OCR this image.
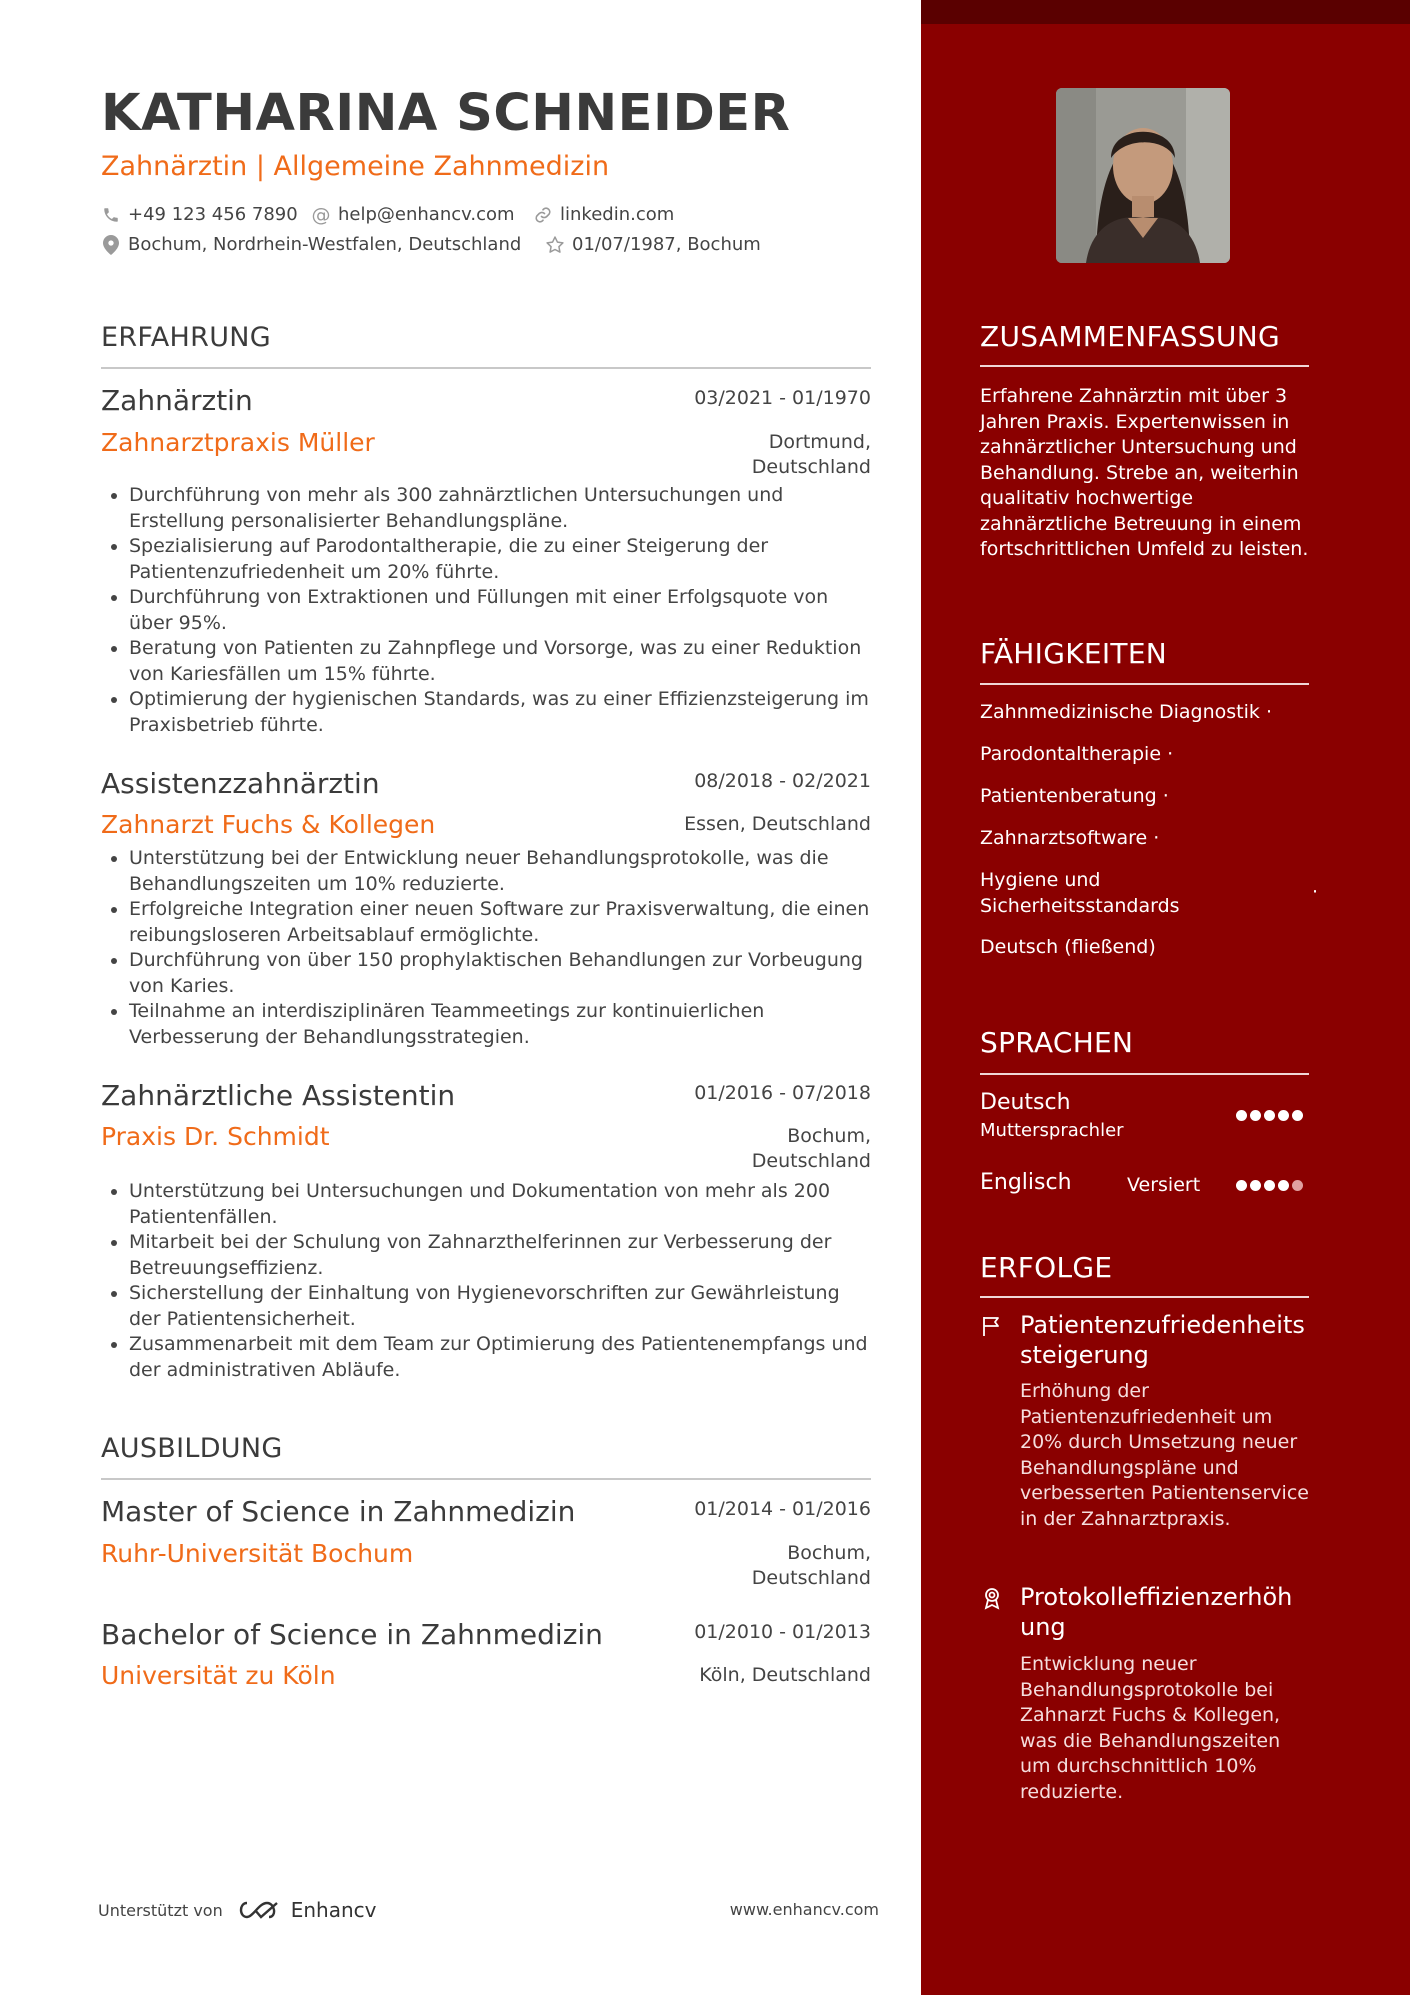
KATHARINA SCHNEIDER
Zahnärztin | Allgemeine Zahnmedizin
+49 123 456 7890 @ help@enhancv.com	linkedin.com
Bochum, Nordrhein-Westfalen, Deutschland	01/07/1987, Bochum
ERFAHRUNG
Zahnärztin	03/2021 - 01/1970
Zahnarztpraxis Müller	Dortmund,
Deutschland
• Durchführung von mehr als 300 zahnärztlichen Untersuchungen und Erstellung personalisierter Behandlungspläne.
• Spezialisierung auf Parodontaltherapie, die zu einer Steigerung der Patientenzufriedenheit um 20% führte.
• Durchführung von Extraktionen und Füllungen mit einer Erfolgsquote von über 95%.
• Beratung von Patienten zu Zahnpflege und Vorsorge, was zu einer Reduktion von Kariesfällen um 15% führte.
• Optimierung der hygienischen Standards, was zu einer Effizienzsteigerung im Praxisbetrieb führte.
Assistenzzahnärztin	08/2018 - 02/2021
Zahnarzt Fuchs & Kollegen	Essen, Deutschland
• Unterstützung bei der Entwicklung neuer Behandlungsprotokolle, was die Behandlungszeiten um 10% reduzierte.
• Erfolgreiche Integration einer neuen Software zur Praxisverwaltung, die einen reibungsloseren Arbeitsablauf ermöglichte.
• Durchführung von über 150 prophylaktischen Behandlungen zur Vorbeugung von Karies.
• Teilnahme an interdisziplinären Teammeetings zur kontinuierlichen Verbesserung der Behandlungsstrategien.
Zahnärztliche Assistentin	01/2016 - 07/2018
Praxis Dr. Schmidt	Bochum,
Deutschland
• Unterstützung bei Untersuchungen und Dokumentation von mehr als 200 Patientenfällen.
• Mitarbeit bei der Schulung von Zahnarzthelferinnen zur Verbesserung der Betreuungseffizienz.
• Sicherstellung der Einhaltung von Hygienevorschriften zur Gewährleistung der Patientensicherheit.
• Zusammenarbeit mit dem Team zur Optimierung des Patientenempfangs und der administrativen Abläufe.
AUSBILDUNG
Master of Science in Zahnmedizin	01/2014 - 01/2016
Ruhr-Universität Bochum	Bochum,
Deutschland
Bachelor of Science in Zahnmedizin	01/2010 - 01/2013
Universität zu Köln	Köln, Deutschland
ZUSAMMENFASSUNG
Erfahrene Zahnärztin mit über 3 Jahren Praxis. Expertenwissen in zahnärztlicher Untersuchung und Behandlung. Strebe an, weiterhin qualitativ hochwertige zahnärztliche Betreuung in einem fortschrittlichen Umfeld zu leisten.
FÄHIGKEITEN
Zahnmedizinische Diagnostik ·
Parodontaltherapie ·
Patientenberatung ·
Zahnarztsoftware ·
Hygiene und Sicherheitsstandards
·
Deutsch (fließend)
SPRACHEN
Deutsch
Muttersprachler
Englisch	Versiert
ERFOLGE
Patientenzufriedenheits steigerung
Erhöhung der Patientenzufriedenheit um 20% durch Umsetzung neuer Behandlungspläne und verbesserten Patientenservice in der Zahnarztpraxis.
Protokolleffizienzerhöh ung
Entwicklung neuer Behandlungsprotokolle bei Zahnarzt Fuchs & Kollegen, was die Behandlungszeiten um durchschnittlich 10% reduzierte.
Unterstützt von	Enhancv	www.enhancv.com
